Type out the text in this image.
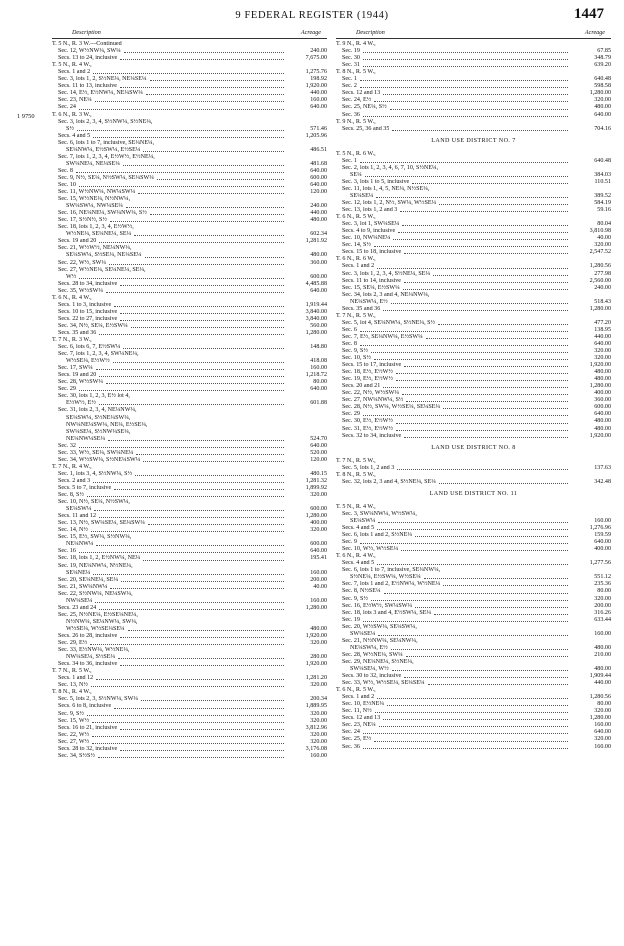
9 FEDERAL REGISTER (1944)	1447
1 9750
Description	Acreage
T. 5 N., R. 3 W.—Continued
Sec. 12, W½NW¼, SW¼	240.00
Secs. 13 to 24, inclusive	7,675.00
T. 5 N., R. 4 W.,
Secs. 1 and 2	1,275.76
Sec. 3, lots 1, 2, S½NE¼, NE¼SE¼	198.92
Secs. 11 to 13, inclusive	1,920.00
Sec. 14, E½, E½NW¼, NE¼SW¼	440.00
Sec. 23, NE¼	160.00
Sec. 24	640.00
T. 6 N., R. 3 W.,
Sec. 3, lots 2, 3, 4, S½NW¼, S½NE¼,
S½	571.46
Secs. 4 and 5	1,205.96
Sec. 6, lots 1 to 7, inclusive, SE¼NE¼,
SE¼NW¼, E½SW¼, E½SE¼	486.51
Sec. 7, lots 1, 2, 3, 4, E½W½, E½NE¼,
SW¼NE¼, NE¼SE¼	481.68
Sec. 8	640.00
Sec. 9, N½, SE¼, N½SW¼, SE¼SW¼	600.00
Sec. 10	640.00
Sec. 11, W½NW¼, NW¼SW¼	120.00
Sec. 15, W½NE¼, N½NW¼,
SW¼SW¼, NW¼SE¼	240.00
Sec. 16, NE¼NE¼, SW¼NW¼, S½	440.00
Sec. 17, S½N½, S½	480.00
Sec. 18, lots 1, 2, 3, 4, E½W½,
W½NE¼, SE¼NE¼, SE¼	602.34
Secs. 19 and 20	1,281.92
Sec. 21, W½W½, NE¼NW¼,
SE¼SW¼, S½SE¼, NE¼SE¼	480.00
Sec. 22, W½, SW¼	360.00
Sec. 27, W½NE¼, SE¼NE¼, SE¼,
W½	600.00
Secs. 28 to 34, inclusive	4,485.88
Sec. 35, W½SW¼	640.00
T. 6 N., R. 4 W.,
Secs. 1 to 3, inclusive	1,919.44
Secs. 10 to 15, inclusive	3,840.00
Secs. 22 to 27, inclusive	3,840.00
Sec. 34, N½, SE¼, E½SW¼	560.00
Secs. 35 and 36	1,280.00
T. 7 N., R. 3 W.,
Sec. 6, lots 6, 7, E½SW¼	148.80
Sec. 7, lots 1, 2, 3, 4, SW¼NE¼,
W½SE¼, E½W½	418.08
Sec. 17, SW¼	160.00
Secs. 19 and 20	1,218.72
Sec. 28, W½SW¼	80.00
Sec. 29	640.00
Sec. 30, lots 1, 2, 3, E½ lot 4,
E½W½, E½	601.88
Sec. 31, lots 2, 3, 4, NE¼NW¼,
SE¼SW¼, S½NE¼SW¼,
NW¼NE¼SW¼, NE¼, E½SE¼,
SW¼SE¼, S½NW¼SE¼,
NE¼NW¼SE¼	524.70
Sec. 32	640.00
Sec. 33, W½, SE¼, SW¼NE¼	520.00
Sec. 34, W½SW¼, S½NE¼SW¼	120.00
T. 7 N., R. 4 W.,
Sec. 1, lots 3, 4, S½NW¼, S½	480.15
Secs. 2 and 3	1,281.32
Secs. 5 to 7, inclusive	1,899.92
Sec. 8, S½	320.00
Sec. 10, N½, SE¼, N½SW¼,
SE¼SW¼	600.00
Secs. 11 and 12	1,280.00
Sec. 13, N½, SW¼SE¼, SE¼SW¼	400.00
Sec. 14, N½	320.00
Sec. 15, E½, SW¼, S½NW¼,
NE¼NW¼	600.00
Sec. 16	640.00
Sec. 18, lots 1, 2, E½NW¼, NE¼	195.41
Sec. 19, NE¼NW¼, N½NE¼,
SE¼NE¼	160.00
Sec. 20, SE¼NE¼, SE¼	200.00
Sec. 21, SW¼NW¼	40.00
Sec. 22, S½NW¼, NE¼SW¼,
NW¼SE¼	160.00
Secs. 23 and 24	1,280.00
Sec. 25, N½NE¼, E½SE¼NE¼,
N½NW¼, SE¼NW¼, SW¼,
W½SE¼, W½SE¼SE¼	480.00
Secs. 26 to 28, inclusive	1,920.00
Sec. 29, E½	320.00
Sec. 33, E½NW¼, W½NE¼,
NW¼SE¼, S½SE¼	280.00
Secs. 34 to 36, inclusive	1,920.00
T. 7 N., R. 5 W.,
Secs. 1 and 12	1,281.20
Sec. 13, N½	320.00
T. 8 N., R. 4 W.,
Sec. 5, lots 2, 3, S½NW¼, SW¼	200.34
Secs. 6 to 8, inclusive	1,889.95
Sec. 9, S½	320.00
Sec. 15, W½	320.00
Secs. 16 to 21, inclusive	3,812.96
Sec. 22, W½	320.00
Sec. 27, W½	320.00
Secs. 28 to 32, inclusive	3,176.08
Sec. 34, S½S½	160.00
Description	Acreage
T. 9 N., R. 4 W.,
Sec. 19	67.85
Sec. 30	348.79
Sec. 31	639.20
T. 8 N., R. 5 W.,
Sec. 1	640.48
Sec. 2	598.58
Secs. 12 and 13	1,280.00
Sec. 24, E½	320.00
Sec. 25, NE¼, S½	480.00
Sec. 36	640.00
T. 9 N., R. 5 W.,
Secs. 25, 36 and 35	704.16
LAND USE DISTRICT NO. 7
T. 5 N., R. 6 W.,
Sec. 1	640.48
Sec. 2, lots 1, 2, 3, 4, 6, 7, 10, S½NE¼,
SE¼	384.03
Sec. 3, lots 1 to 5, inclusive	110.51
Sec. 11, lots 1, 4, 5, NE¼, N½SE¼,
SE¼SE¼	389.52
Sec. 12, lots 1, 2, N½, SW¼, W½SE¼	584.19
Sec. 13, lots 1, 2 and 3	59.16
T. 6 N., R. 5 W.,
Sec. 3, lot 1, SW¼SE¼	80.04
Secs. 4 to 9, inclusive	3,810.98
Sec. 10, NW¼NE¼	40.00
Sec. 14, S½	320.00
Secs. 15 to 18, inclusive	2,547.52
T. 6 N., R. 6 W.,
Secs. 1 and 2	1,280.56
Sec. 3, lots 1, 2, 3, 4, S½NE¼, SE¼	277.98
Secs. 11 to 14, inclusive	2,560.00
Sec. 15, SE¼, E½SW¼	240.00
Sec. 34, lots 2, 3 and 4, NE¼NW¼,
NE¼SW¼, E½	518.43
Secs. 35 and 36	1,280.00
T. 7 N., R. 5 W.,
Sec. 5, lot 4, SE¼NW¼, S½NE¼, S½	477.20
Sec. 6	138.95
Sec. 7, E½, SE¼NW¼, E½SW¼	440.00
Sec. 8	640.00
Sec. 9, S½	320.00
Sec. 10, S½	320.00
Secs. 15 to 17, inclusive	1,920.00
Sec. 18, E½, E½W½	480.00
Sec. 19, E½, E½W½	480.00
Secs. 20 and 21	1,280.00
Sec. 22, N½, W½SW¼	400.00
Sec. 27, NW¼NW¼, S½	360.00
Sec. 28, N½, SW¼, W½SE¼, SE¼SE¼	600.00
Sec. 29	640.00
Sec. 30, E½, E½W½	480.00
Sec. 31, E½, E½W½	480.00
Secs. 32 to 34, inclusive	1,920.00
LAND USE DISTRICT NO. 8
T. 7 N., R. 5 W.,
Sec. 5, lots 1, 2 and 3	137.63
T. 8 N., R. 5 W.,
Sec. 32, lots 2, 3 and 4, S½NE¼, SE¼	342.48
LAND USE DISTRICT NO. 11
T. 5 N., R. 4 W.,
Sec. 3, SW¼NW¼, W½SW¼,
SE¼SW¼	160.00
Secs. 4 and 5	1,276.96
Sec. 6, lots 1 and 2, S½NE¼	159.59
Sec. 9	640.00
Sec. 10, W½, W½SE¼	400.00
T. 6 N., R. 4 W.,
Secs. 4 and 5	1,277.56
Sec. 6, lots 1 to 7, inclusive, SE¼NW¼,
S½NE¼, E½SW¼, W½SE¼	551.12
Sec. 7, lots 1 and 2, E½NW¼, W½NE¼	235.36
Sec. 8, N½SE¼	80.00
Sec. 9, S½	320.00
Sec. 16, E½W½, SW¼SW¼	200.00
Sec. 18, lots 3 and 4, E½SW¼, SE¼	316.26
Sec. 19	633.44
Sec. 20, W½SW¼, SE¼SW¼,
SW¼SE¼	160.00
Sec. 21, N½NW¼, SE¼NW¼,
NE¼SW¼, E½	480.00
Sec. 28, W½NE¼, SW¼	210.00
Sec. 29, NE¼NE¼, S½NE¼,
SW¼SE¼, W½	480.00
Secs. 30 to 32, inclusive	1,909.44
Sec. 33, W½, W½SE¼, SE¼SE¼	440.00
T. 6 N., R. 5 W.,
Secs. 1 and 2	1,280.56
Sec. 10, E½NE¼	80.00
Sec. 11, N½	320.00
Secs. 12 and 13	1,280.00
Sec. 23, NE¼	160.00
Sec. 24	640.00
Sec. 25, E½	320.00
Sec. 36	160.00
